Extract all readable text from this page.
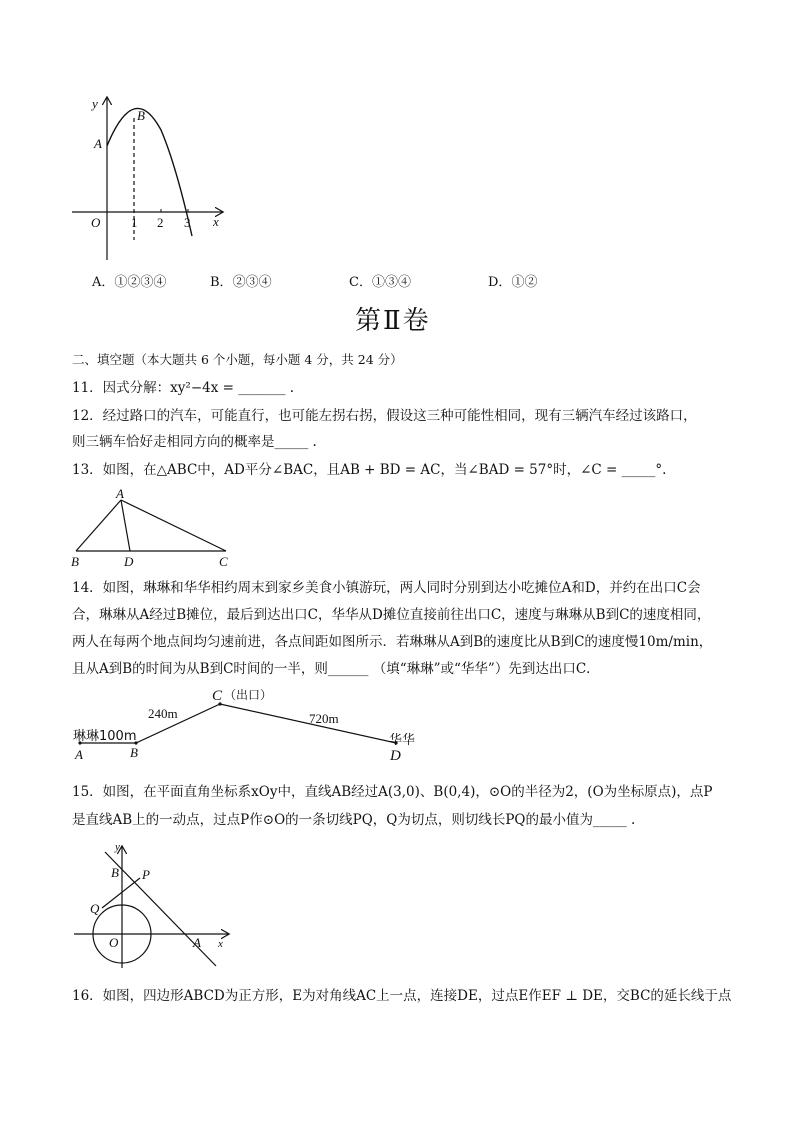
y
x
O
A
B
1 2 3
A．①②③④	B．②③④	C．①③④	D．①②
第Ⅱ卷
二、填空题（本大题共 6 个小题，每小题 4 分，共 24 分）
11．因式分解：xy²−4x = _______ .
12．经过路口的汽车，可能直行，也可能左拐右拐，假设这三种可能性相同，现有三辆汽车经过该路口，
则三辆车恰好走相同方向的概率是_____ .
13．如图，在△ABC中，AD平分∠BAC，且AB + BD = AC，当∠BAD = 57°时，∠C = _____°.
A
B	D	C
14．如图，琳琳和华华相约周末到家乡美食小镇游玩，两人同时分别到达小吃摊位A和D，并约在出口C会
合，琳琳从A经过B摊位，最后到达出口C，华华从D摊位直接前往出口C，速度与琳琳从B到C的速度相同，
两人在每两个地点间均匀速前进，各点间距如图所示．若琳琳从A到B的速度比从B到C的速度慢10m/min，
且从A到B的时间为从B到C时间的一半，则______ （填“琳琳”或“华华”）先到达出口C．
琳琳100m
A	B
C （出口）
240m	720m
华华
D
15．如图，在平面直角坐标系xOy中，直线AB经过A(3,0)、B(0,4)，⊙O的半径为2，(O为坐标原点)，点P
是直线AB上的一动点，过点P作⊙O的一条切线PQ，Q为切点，则切线长PQ的最小值为_____ .
y
x
O	A
B P
Q
16．如图，四边形ABCD为正方形，E为对角线AC上一点，连接DE，过点E作EF ⊥ DE，交BC的延长线于点
